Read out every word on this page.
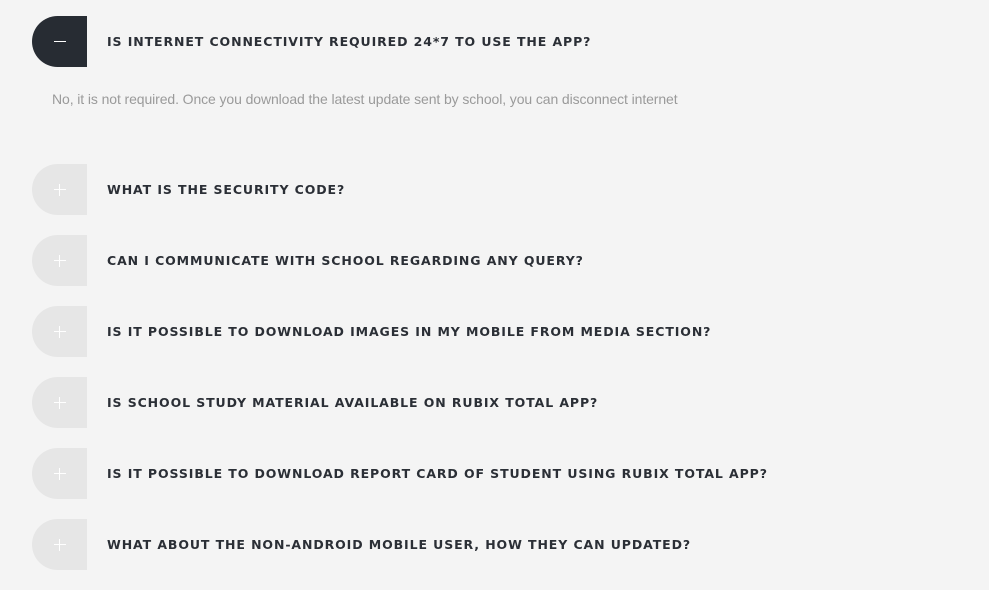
IS INTERNET CONNECTIVITY REQUIRED 24*7 TO USE THE APP?

No, it is not required. Once you download the latest update sent by school, you can disconnect internet

WHAT IS THE SECURITY CODE?
CAN I COMMUNICATE WITH SCHOOL REGARDING ANY QUERY?
IS IT POSSIBLE TO DOWNLOAD IMAGES IN MY MOBILE FROM MEDIA SECTION?
IS SCHOOL STUDY MATERIAL AVAILABLE ON RUBIX TOTAL APP?
IS IT POSSIBLE TO DOWNLOAD REPORT CARD OF STUDENT USING RUBIX TOTAL APP?
WHAT ABOUT THE NON-ANDROID MOBILE USER, HOW THEY CAN UPDATED?
